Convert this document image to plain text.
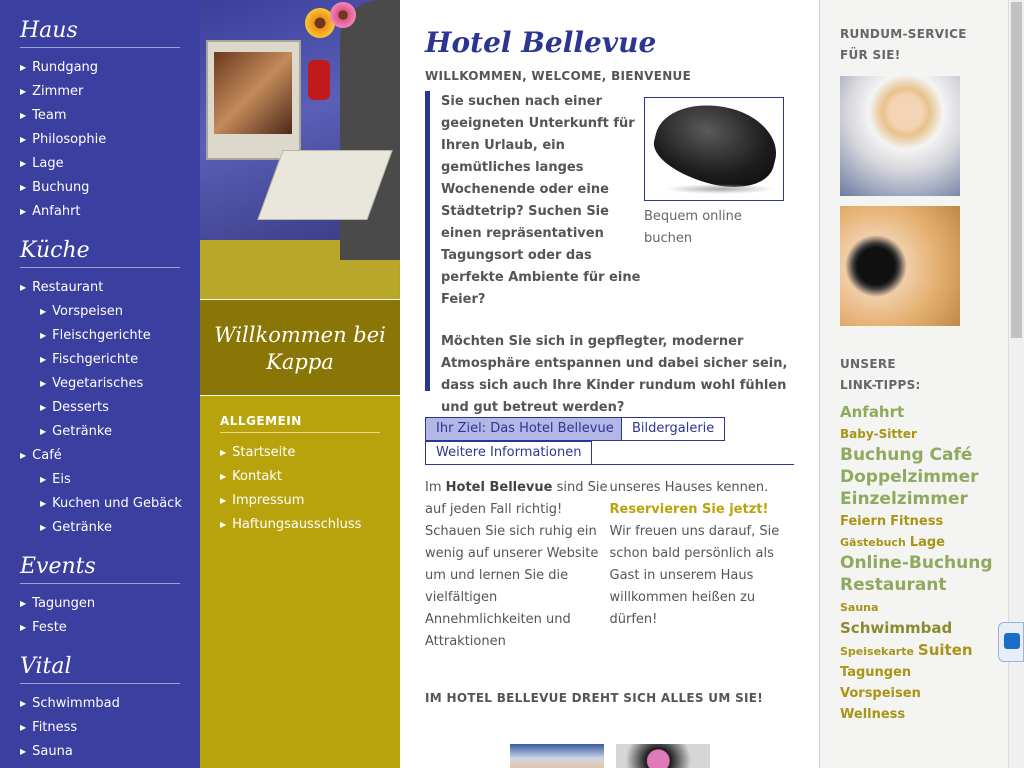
Haus
▶ Rundgang
▶ Zimmer
▶ Team
▶ Philosophie
▶ Lage
▶ Buchung
▶ Anfahrt
Küche
▶ Restaurant
▶ Vorspeisen
▶ Fleischgerichte
▶ Fischgerichte
▶ Vegetarisches
▶ Desserts
▶ Getränke
▶ Café
▶ Eis
▶ Kuchen und Gebäck
▶ Getränke
Events
▶ Tagungen
▶ Feste
Vital
▶ Schwimmbad
▶ Fitness
▶ Sauna
Willkommen bei
Kappa
ALLGEMEIN
▶ Startseite
▶ Kontakt
▶ Impressum
▶ Haftungsausschluss
Hotel Bellevue
WILLKOMMEN, WELCOME, BIENVENUE

Sie suchen nach einer geeigneten Unterkunft für Ihren Urlaub, ein gemütliches langes Wochenende oder eine Städtetrip? Suchen Sie einen repräsentativen Tagungsort oder das perfekte Ambiente für eine Feier?

Möchten Sie sich in gepflegter, moderner Atmosphäre entspannen und dabei sicher sein, dass sich auch Ihre Kinder rundum wohl fühlen und gut betreut werden?

Bequem online buchen
Ihr Ziel: Das Hotel Bellevue	Bildergalerie
Weitere Informationen
Im Hotel Bellevue sind Sie auf jeden Fall richtig! Schauen Sie sich ruhig ein wenig auf unserer Website um und lernen Sie die vielfältigen Annehmlichkeiten und Attraktionen
unseres Hauses kennen. Reservieren Sie jetzt! Wir freuen uns darauf, Sie schon bald persönlich als Gast in unserem Haus willkommen heißen zu dürfen!
IM HOTEL BELLEVUE DREHT SICH ALLES UM SIE!
RUNDUM-SERVICE
FÜR SIE!
UNSERE
LINK-TIPPS:
Anfahrt
Baby-Sitter
Buchung Café
Doppelzimmer
Einzelzimmer
Feiern Fitness
Gästebuch Lage
Online-Buchung
Restaurant
Sauna
Schwimmbad
Speisekarte Suiten
Tagungen
Vorspeisen
Wellness
